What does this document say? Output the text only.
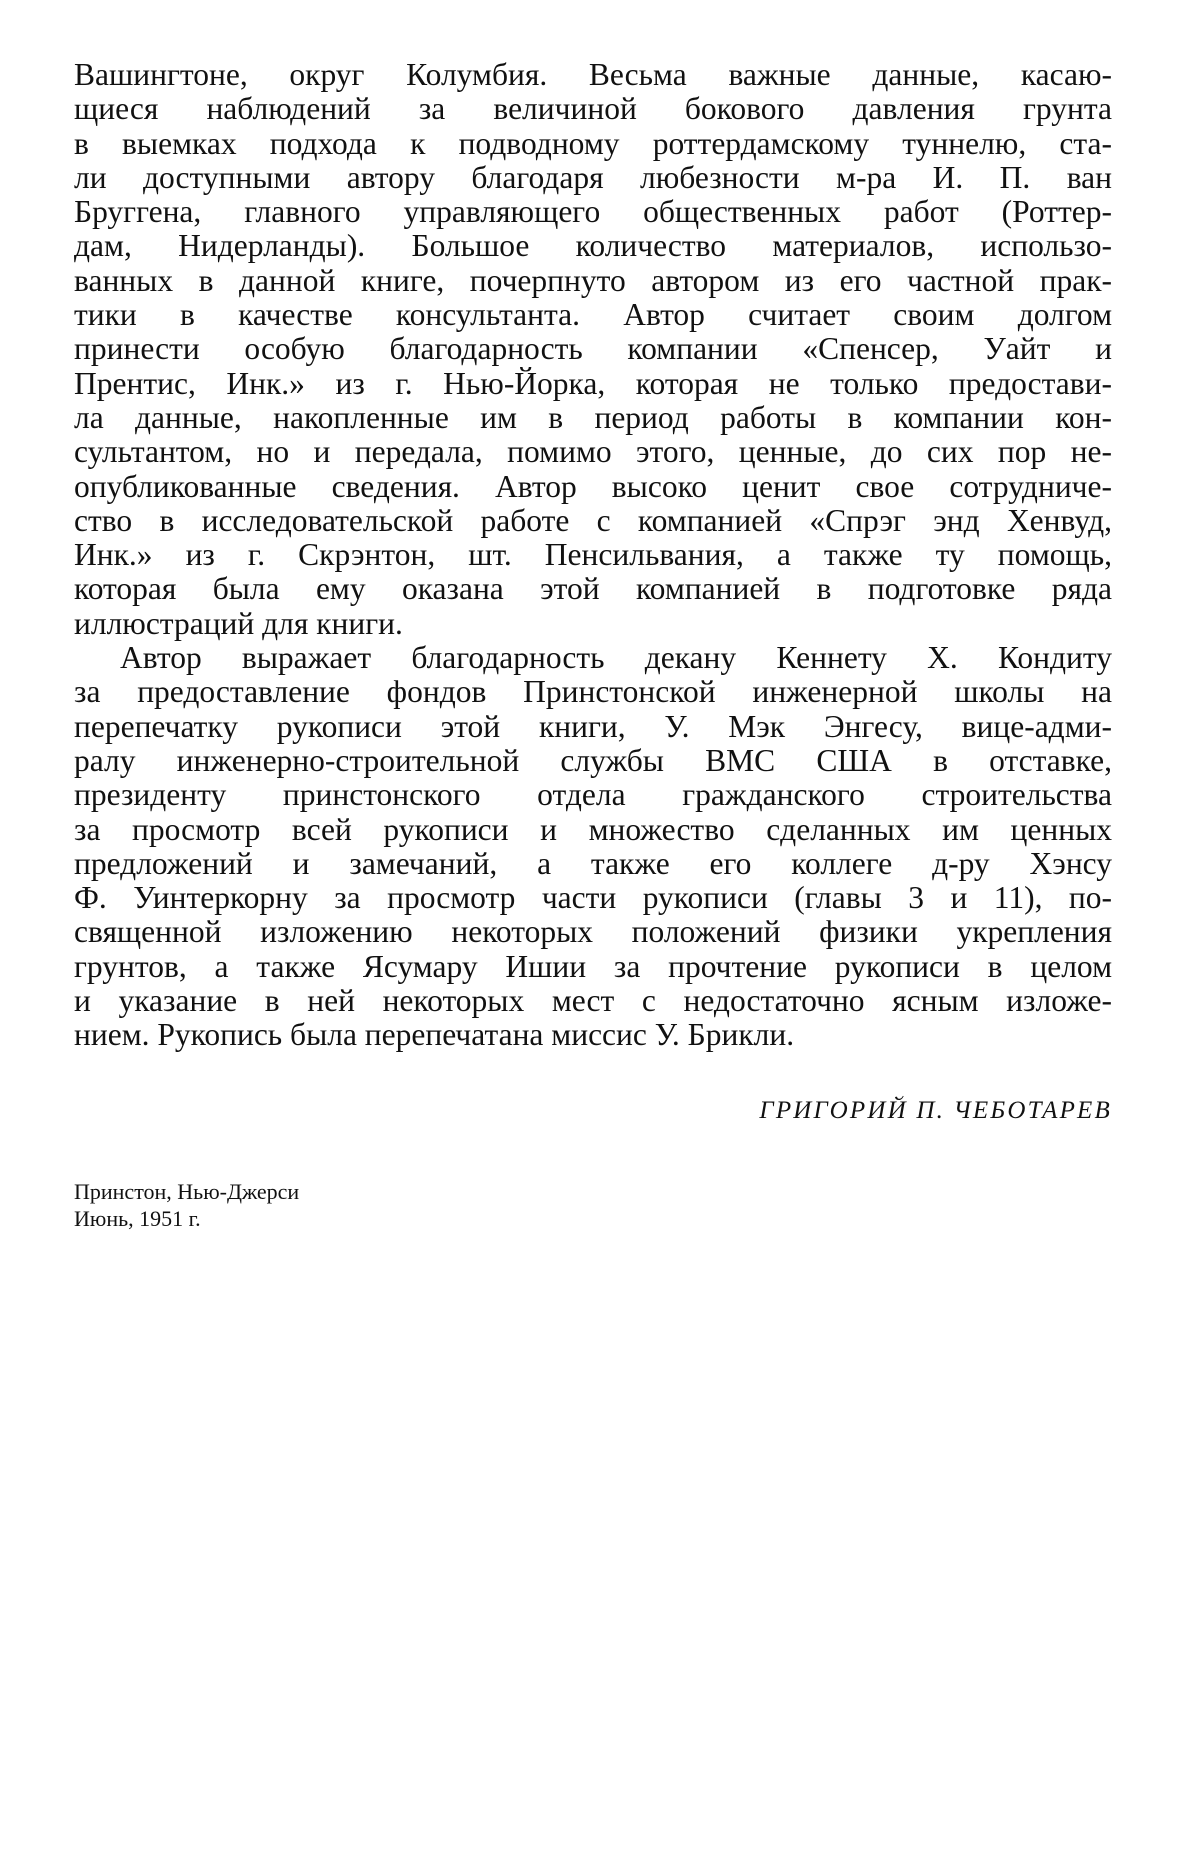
Вашингтоне, округ Колумбия. Весьма важные данные, касаю-
щиеся наблюдений за величиной бокового давления грунта
в выемках подхода к подводному роттердамскому туннелю, ста-
ли доступными автору благодаря любезности м-ра И. П. ван
Бруггена, главного управляющего общественных работ (Роттер-
дам, Нидерланды). Большое количество материалов, использо-
ванных в данной книге, почерпнуто автором из его частной прак-
тики в качестве консультанта. Автор считает своим долгом
принести особую благодарность компании «Спенсер, Уайт и
Прентис, Инк.» из г. Нью-Йорка, которая не только предостави-
ла данные, накопленные им в период работы в компании кон-
сультантом, но и передала, помимо этого, ценные, до сих пор не-
опубликованные сведения. Автор высоко ценит свое сотрудниче-
ство в исследовательской работе с компанией «Спрэг энд Хенвуд,
Инк.» из г. Скрэнтон, шт. Пенсильвания, а также ту помощь,
которая была ему оказана этой компанией в подготовке ряда
иллюстраций для книги.

Автор выражает благодарность декану Кеннету Х. Кондиту
за предоставление фондов Принстонской инженерной школы на
перепечатку рукописи этой книги, У. Мэк Энгесу, вице-адми-
ралу инженерно-строительной службы ВМС США в отставке,
президенту принстонского отдела гражданского строительства
за просмотр всей рукописи и множество сделанных им ценных
предложений и замечаний, а также его коллеге д-ру Хэнсу
Ф. Уинтеркорну за просмотр части рукописи (главы 3 и 11), по-
священной изложению некоторых положений физики укрепления
грунтов, а также Ясумару Ишии за прочтение рукописи в целом
и указание в ней некоторых мест с недостаточно ясным изложе-
нием. Рукопись была перепечатана миссис У. Брикли.

ГРИГОРИЙ П. ЧЕБОТАРЕВ
Принстон, Нью-Джерси
Июнь, 1951 г.
